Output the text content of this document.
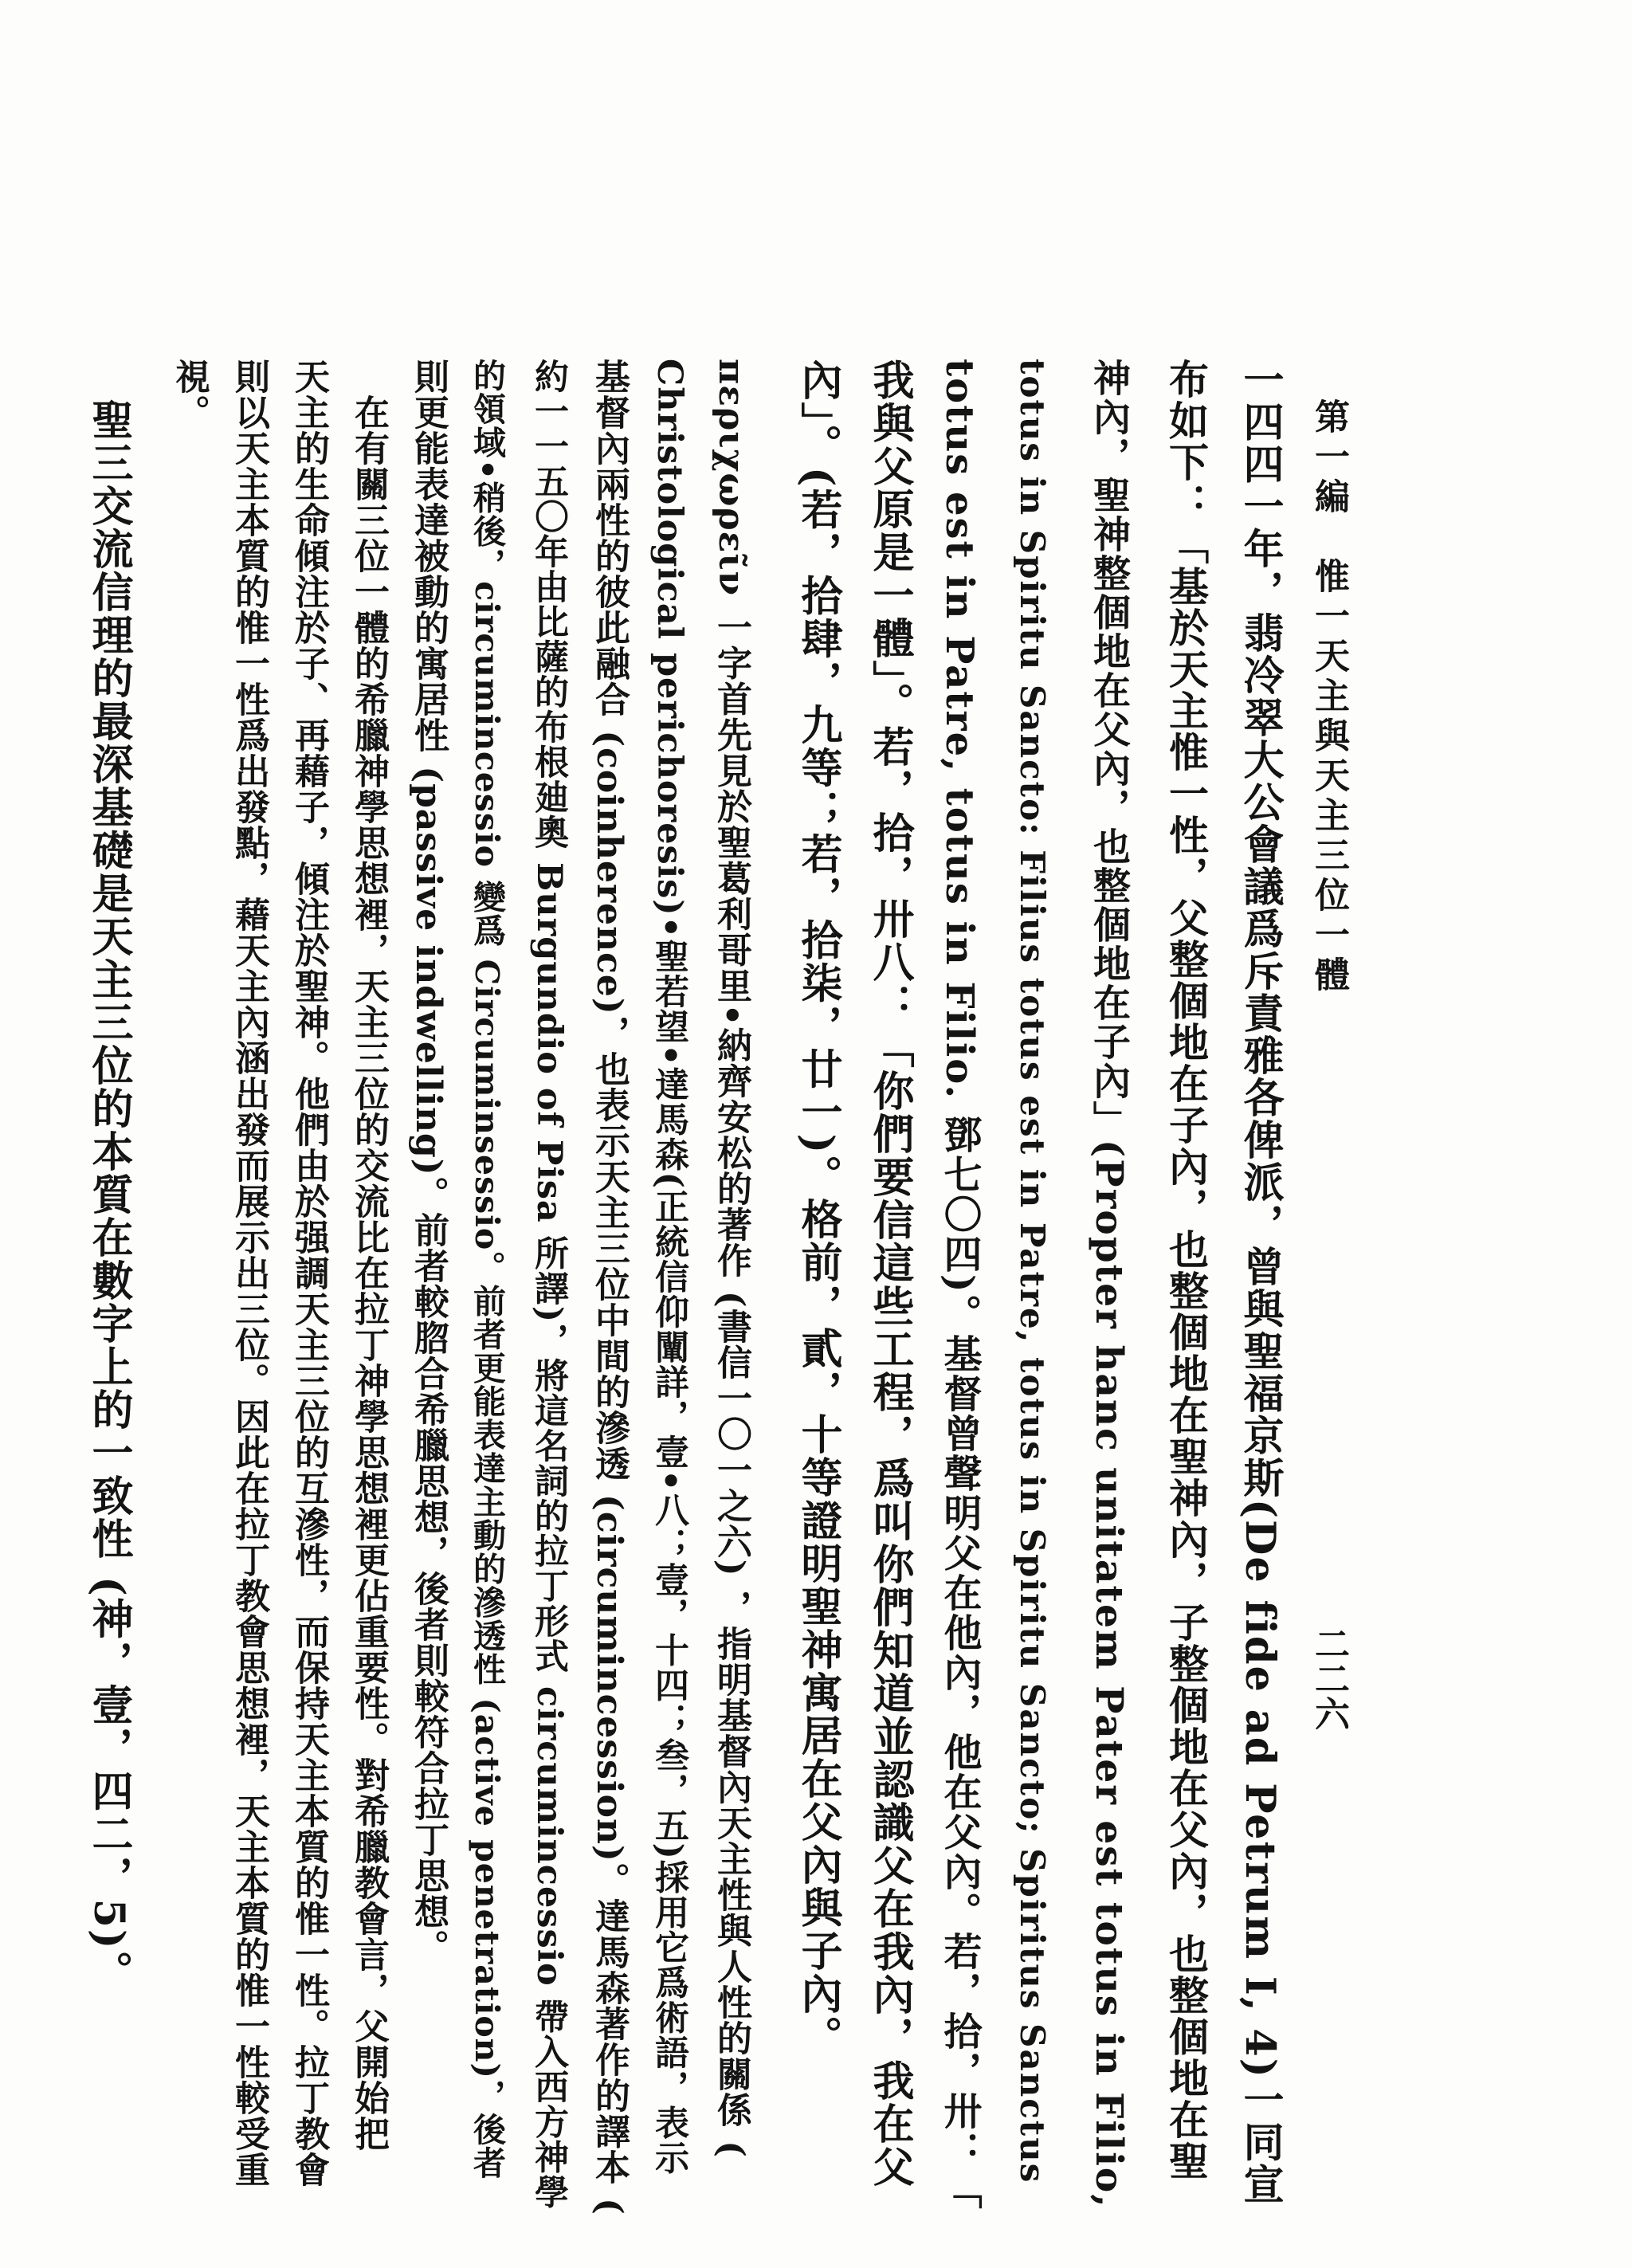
第一編　惟一天主與天主三位一體
二二六
一四四一年，翡冷翠大公會議爲斥責雅各俾派，曾與聖福京斯(De fide ad Petrum I, 4)一同宣
布如下：「基於天主惟一性，父整個地在子內，也整個地在聖神內，子整個地在父內，也整個地在聖
神內，聖神整個地在父內，也整個地在子內」(Propter hanc unitatem Pater est totus in Filio,
totus in Spiritu Sancto: Filius totus est in Patre, totus in Spiritu Sancto; Spiritus Sanctus
totus est in Patre, totus in Filio. 鄧七〇四)。基督曾聲明父在他內，他在父內。若，拾，卅：「
我與父原是一體」。若，拾，卅八：「你們要信這些工程，爲叫你們知道並認識父在我內，我在父
內」。(若，拾肆，九等；若，拾柒，廿一)。格前，貳，十等證明聖神寓居在父內與子內。
περιχωρεῖν 一字首先見於聖葛利哥里•納齊安松的著作 (書信一〇一之六) ，指明基督內天主性與人性的關係 (
Christological perichoresis)•聖若望•達馬森(正統信仰闡詳，壹•八；壹，十四；叁，五)採用它爲術語，表示
基督內兩性的彼此融合 (coinherence)，也表示天主三位中間的滲透 (circumincession)。達馬森著作的譯本 (
約一一五〇年由比薩的布根廸奧 Burgundio of Pisa 所譯)，將這名詞的拉丁形式 circumincessio 帶入西方神學
的領域•稍後，circumincessio 變爲 Circuminsessio。前者更能表達主動的滲透性 (active penetration)，後者
則更能表達被動的寓居性 (passive indwelling)。前者較脗合希臘思想，後者則較符合拉丁思想。
　在有關三位一體的希臘神學思想裡，天主三位的交流比在拉丁神學思想裡更佔重要性。對希臘教會言，父開始把
天主的生命傾注於子、再藉子，傾注於聖神。他們由於强調天主三位的互滲性，而保持天主本質的惟一性。拉丁教會
則以天主本質的惟一性爲出發點，藉天主內涵出發而展示出三位。因此在拉丁教會思想裡，天主本質的惟一性較受重
視。
聖三交流信理的最深基礎是天主三位的本質在數字上的一致性 (神，壹，四二，5)。
